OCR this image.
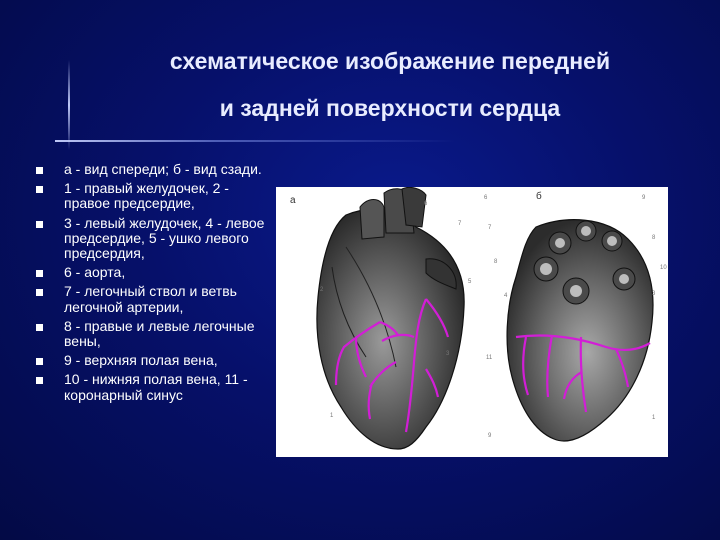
схематическое изображение передней
и задней поверхности сердца
а - вид спереди; б - вид сзади.
1 - правый желудочек, 2 - правое предсердие,
3 - левый желудочек, 4 - левое предсердие, 5 - ушко левого предсердия,
6 - аорта,
7 - легочный ствол и ветвь легочной артерии,
8 - правые и левые легочные вены,
9 - верхняя полая вена,
10 - нижняя полая вена, 11 - коронарный синус
а	6
7
5
2
3
1
б
6
7
9
8
8
10
4
11
3
9
1
